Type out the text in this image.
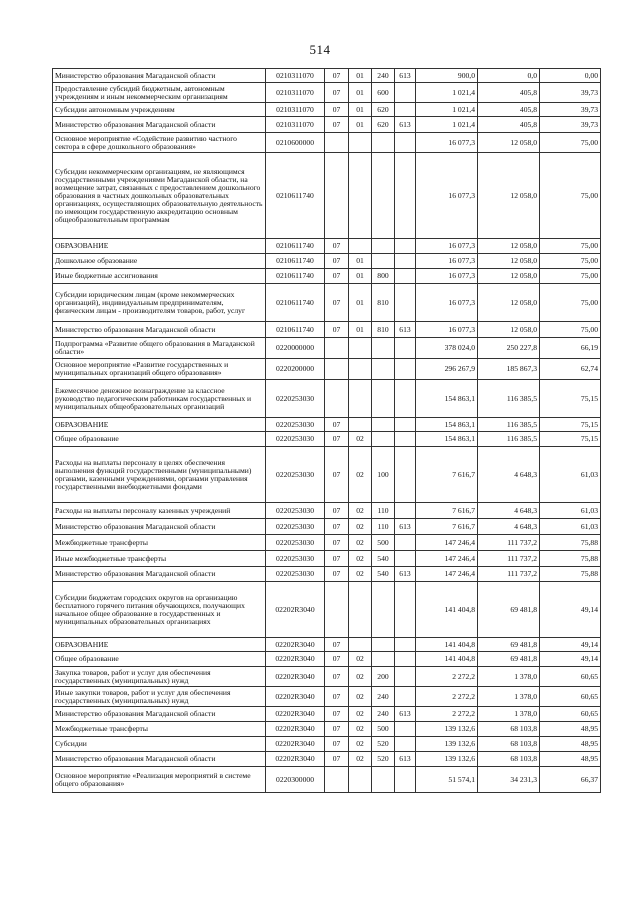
514
Министерство образования Магаданской области	0210311070	07	01	240	613	900,0	0,0	0,00
Предоставление субсидий бюджетным, автономным учреждениям и иным некоммерческим организациям	0210311070	07	01	600		1 021,4	405,8	39,73
Субсидии автономным учреждениям	0210311070	07	01	620		1 021,4	405,8	39,73
Министерство образования Магаданской области	0210311070	07	01	620	613	1 021,4	405,8	39,73
Основное мероприятие «Содействие развитию частного сектора в сфере дошкольного образования»	0210600000					16 077,3	12 058,0	75,00
Субсидии некоммерческим организациям, не являющимся государственными учреждениями Магаданской области, на возмещение затрат, связанных с предоставлением дошкольного образования в частных дошкольных образовательных организациях, осуществляющих образовательную деятельность по имеющим государственную аккредитацию основным общеобразовательным программам	0210611740					16 077,3	12 058,0	75,00
ОБРАЗОВАНИЕ	0210611740	07				16 077,3	12 058,0	75,00
Дошкольное образование	0210611740	07	01			16 077,3	12 058,0	75,00
Иные бюджетные ассигнования	0210611740	07	01	800		16 077,3	12 058,0	75,00
Субсидии юридическим лицам (кроме некоммерческих организаций), индивидуальным предпринимателям, физическим лицам - производителям товаров, работ, услуг	0210611740	07	01	810		16 077,3	12 058,0	75,00
Министерство образования Магаданской области	0210611740	07	01	810	613	16 077,3	12 058,0	75,00
Подпрограмма «Развитие общего образования в Магаданской области»	0220000000					378 024,0	250 227,8	66,19
Основное мероприятие «Развитие государственных и муниципальных организаций общего образования»	0220200000					296 267,9	185 867,3	62,74
Ежемесячное денежное вознаграждение за классное руководство педагогическим работникам государственных и муниципальных общеобразовательных организаций	0220253030					154 863,1	116 385,5	75,15
ОБРАЗОВАНИЕ	0220253030	07				154 863,1	116 385,5	75,15
Общее образование	0220253030	07	02			154 863,1	116 385,5	75,15
Расходы на выплаты персоналу в целях обеспечения выполнения функций государственными (муниципальными) органами, казенными учреждениями, органами управления государственными внебюджетными фондами	0220253030	07	02	100		7 616,7	4 648,3	61,03
Расходы на выплаты персоналу казенных учреждений	0220253030	07	02	110		7 616,7	4 648,3	61,03
Министерство образования Магаданской области	0220253030	07	02	110	613	7 616,7	4 648,3	61,03
Межбюджетные трансферты	0220253030	07	02	500		147 246,4	111 737,2	75,88
Иные межбюджетные трансферты	0220253030	07	02	540		147 246,4	111 737,2	75,88
Министерство образования Магаданской области	0220253030	07	02	540	613	147 246,4	111 737,2	75,88
Субсидии бюджетам городских округов на организацию бесплатного горячего питания обучающихся, получающих начальное общее образование в государственных и муниципальных образовательных организациях	02202R3040					141 404,8	69 481,8	49,14
ОБРАЗОВАНИЕ	02202R3040	07				141 404,8	69 481,8	49,14
Общее образование	02202R3040	07	02			141 404,8	69 481,8	49,14
Закупка товаров, работ и услуг для обеспечения государственных (муниципальных) нужд	02202R3040	07	02	200		2 272,2	1 378,0	60,65
Иные закупки товаров, работ и услуг для обеспечения государственных (муниципальных) нужд	02202R3040	07	02	240		2 272,2	1 378,0	60,65
Министерство образования Магаданской области	02202R3040	07	02	240	613	2 272,2	1 378,0	60,65
Межбюджетные трансферты	02202R3040	07	02	500		139 132,6	68 103,8	48,95
Субсидии	02202R3040	07	02	520		139 132,6	68 103,8	48,95
Министерство образования Магаданской области	02202R3040	07	02	520	613	139 132,6	68 103,8	48,95
Основное мероприятие «Реализация мероприятий в системе общего образования»	0220300000					51 574,1	34 231,3	66,37
